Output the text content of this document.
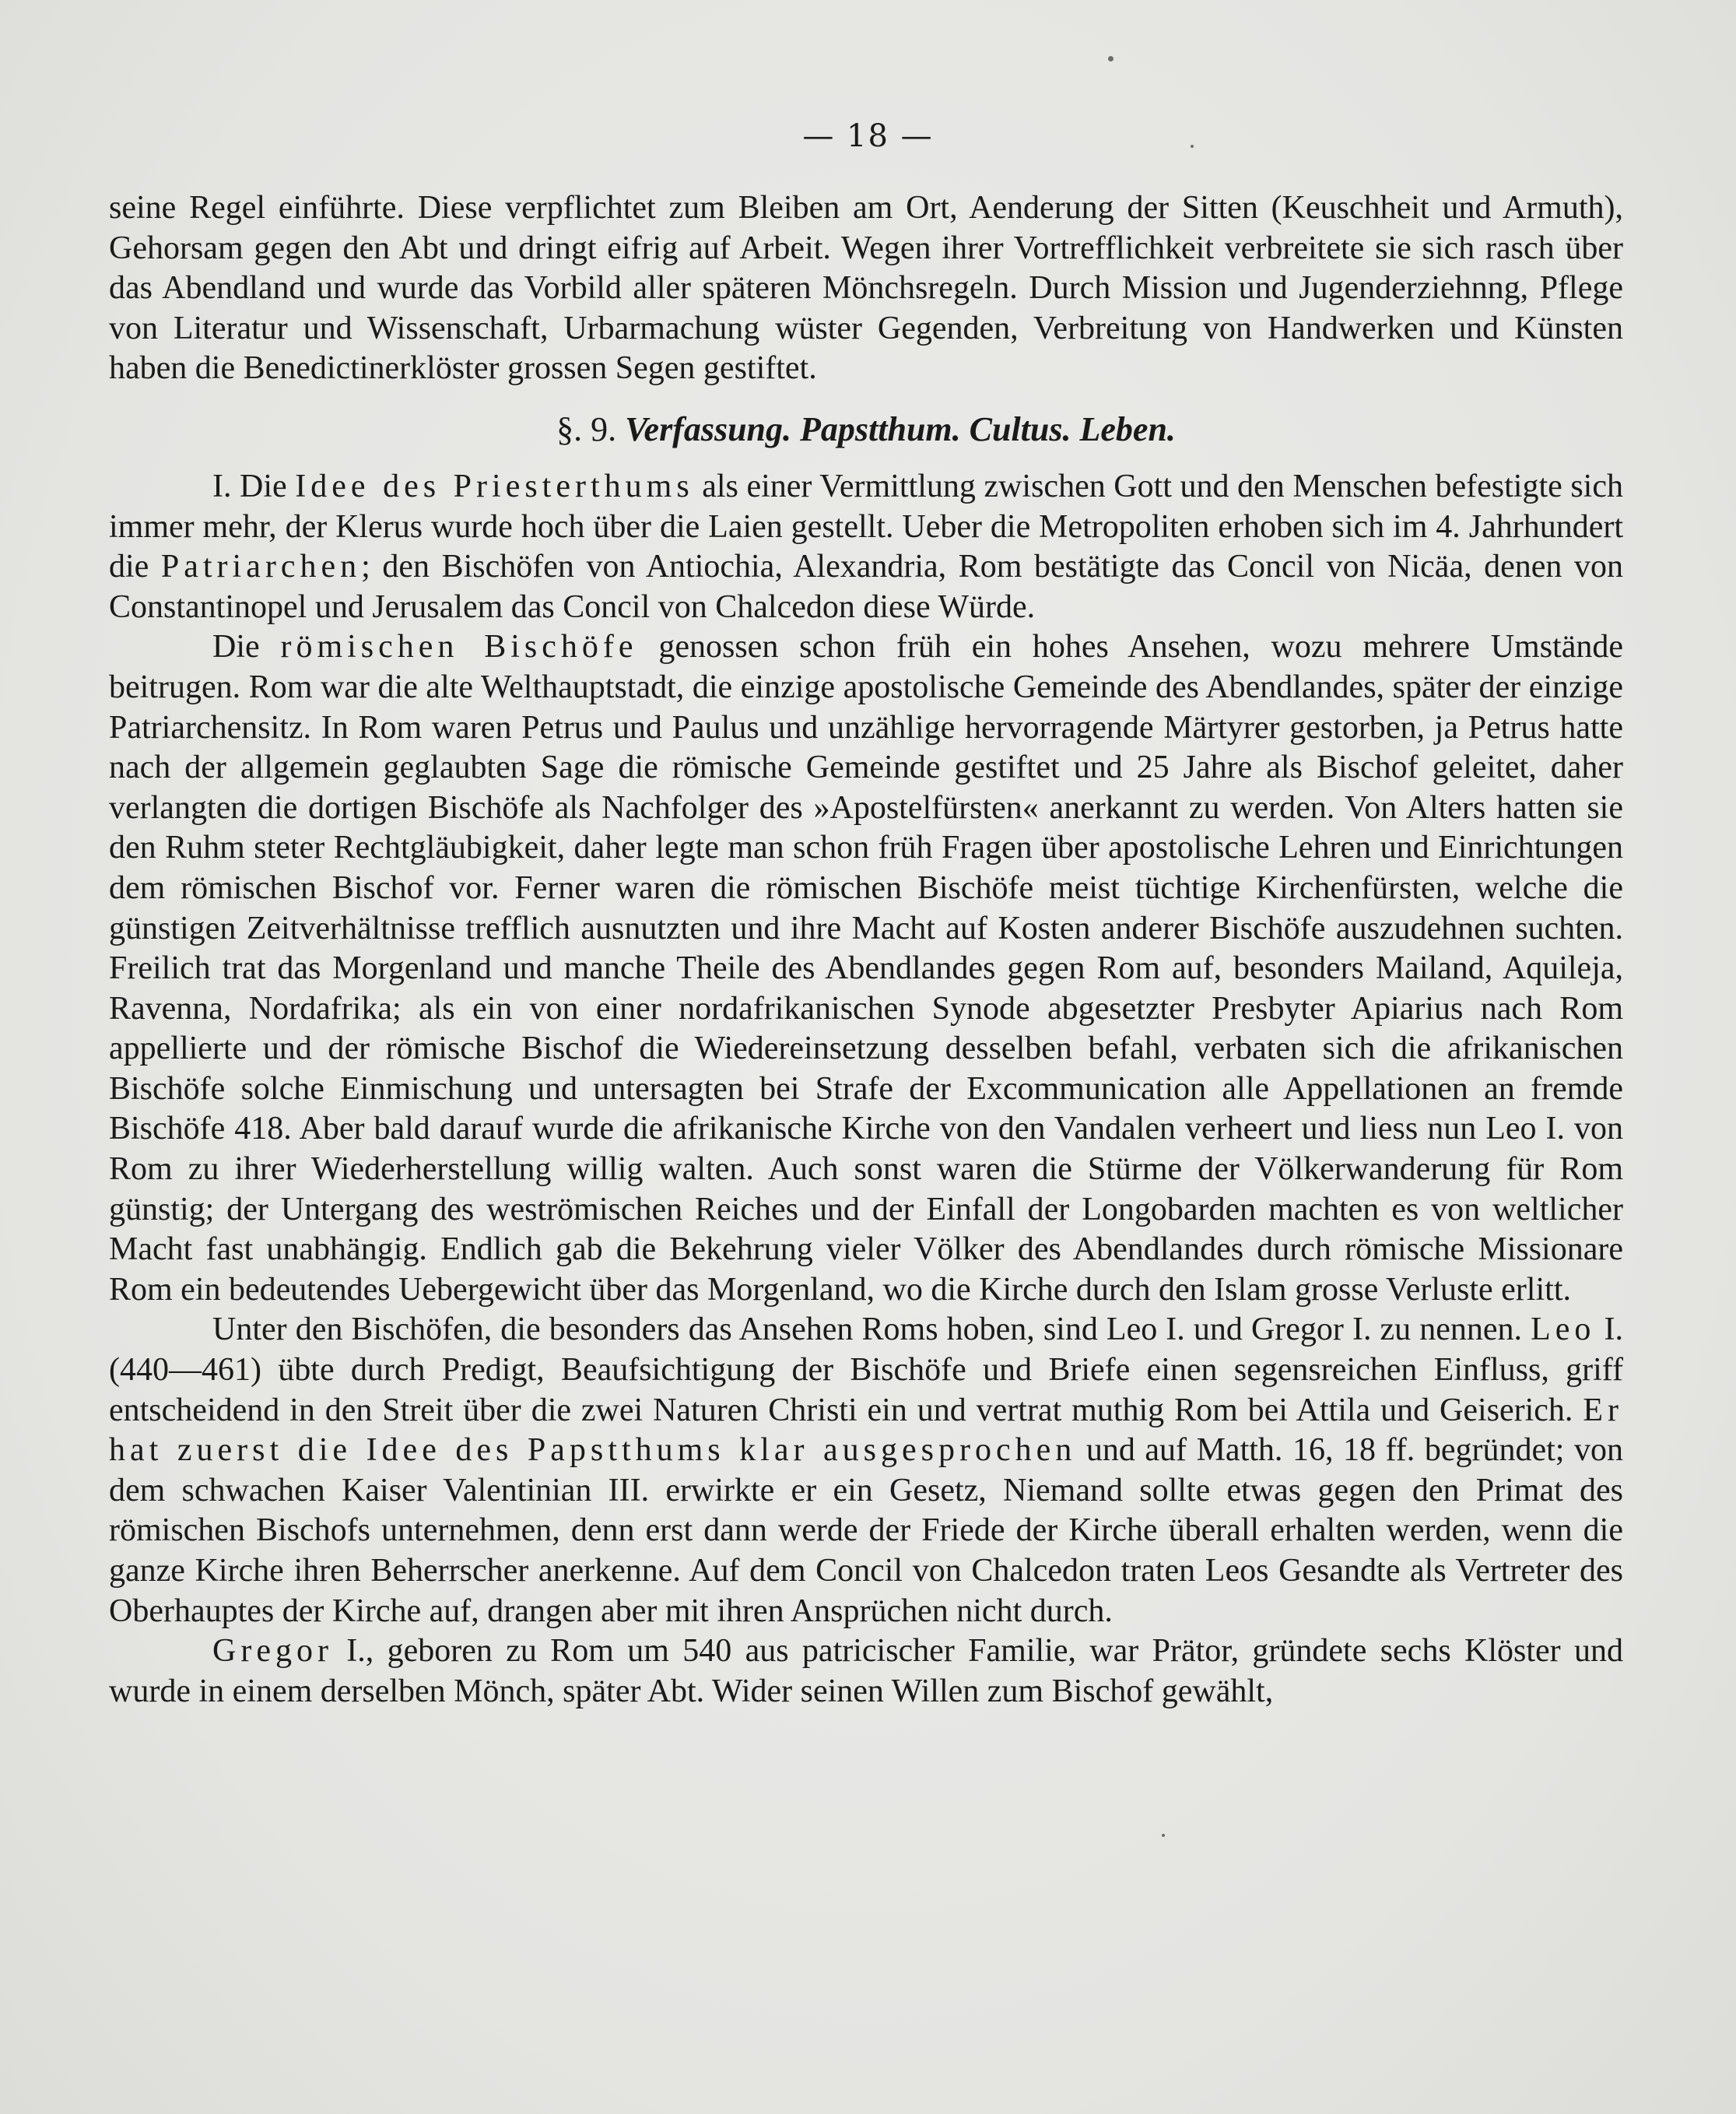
— 18 —

seine Regel einführte. Diese verpflichtet zum Bleiben am Ort, Aenderung der Sitten (Keuschheit und Armuth), Gehorsam gegen den Abt und dringt eifrig auf Arbeit. Wegen ihrer Vortrefflichkeit verbreitete sie sich rasch über das Abendland und wurde das Vorbild aller späteren Mönchsregeln. Durch Mission und Jugenderziehnng, Pflege von Literatur und Wissenschaft, Urbarmachung wüster Gegenden, Verbreitung von Handwerken und Künsten haben die Benedictinerklöster grossen Segen gestiftet.

§. 9. Verfassung. Papstthum. Cultus. Leben.

I. Die Idee des Priesterthums als einer Vermittlung zwischen Gott und den Menschen befestigte sich immer mehr, der Klerus wurde hoch über die Laien gestellt. Ueber die Metropoliten erhoben sich im 4. Jahrhundert die Patriarchen; den Bischöfen von Antiochia, Alexandria, Rom bestätigte das Concil von Nicäa, denen von Constantinopel und Jerusalem das Concil von Chalcedon diese Würde.

Die römischen Bischöfe genossen schon früh ein hohes Ansehen, wozu mehrere Umstände beitrugen. Rom war die alte Welthauptstadt, die einzige apostolische Gemeinde des Abendlandes, später der einzige Patriarchensitz. In Rom waren Petrus und Paulus und unzählige hervorragende Märtyrer gestorben, ja Petrus hatte nach der allgemein geglaubten Sage die römische Gemeinde gestiftet und 25 Jahre als Bischof geleitet, daher verlangten die dortigen Bischöfe als Nachfolger des »Apostelfürsten« anerkannt zu werden. Von Alters hatten sie den Ruhm steter Rechtgläubigkeit, daher legte man schon früh Fragen über apostolische Lehren und Einrichtungen dem römischen Bischof vor. Ferner waren die römischen Bischöfe meist tüchtige Kirchenfürsten, welche die günstigen Zeitverhältnisse trefflich ausnutzten und ihre Macht auf Kosten anderer Bischöfe auszudehnen suchten. Freilich trat das Morgenland und manche Theile des Abendlandes gegen Rom auf, besonders Mailand, Aquileja, Ravenna, Nordafrika; als ein von einer nordafrikanischen Synode abgesetzter Presbyter Apiarius nach Rom appellierte und der römische Bischof die Wiedereinsetzung desselben befahl, verbaten sich die afrikanischen Bischöfe solche Einmischung und untersagten bei Strafe der Excommunication alle Appellationen an fremde Bischöfe 418. Aber bald darauf wurde die afrikanische Kirche von den Vandalen verheert und liess nun Leo I. von Rom zu ihrer Wiederherstellung willig walten. Auch sonst waren die Stürme der Völkerwanderung für Rom günstig; der Untergang des weströmischen Reiches und der Einfall der Longobarden machten es von weltlicher Macht fast unabhängig. Endlich gab die Bekehrung vieler Völker des Abendlandes durch römische Missionare Rom ein bedeutendes Uebergewicht über das Morgenland, wo die Kirche durch den Islam grosse Verluste erlitt.

Unter den Bischöfen, die besonders das Ansehen Roms hoben, sind Leo I. und Gregor I. zu nennen. Leo I. (440—461) übte durch Predigt, Beaufsichtigung der Bischöfe und Briefe einen segensreichen Einfluss, griff entscheidend in den Streit über die zwei Naturen Christi ein und vertrat muthig Rom bei Attila und Geiserich. Er hat zuerst die Idee des Papstthums klar ausgesprochen und auf Matth. 16, 18 ff. begründet; von dem schwachen Kaiser Valentinian III. erwirkte er ein Gesetz, Niemand sollte etwas gegen den Primat des römischen Bischofs unternehmen, denn erst dann werde der Friede der Kirche überall erhalten werden, wenn die ganze Kirche ihren Beherrscher anerkenne. Auf dem Concil von Chalcedon traten Leos Gesandte als Vertreter des Oberhauptes der Kirche auf, drangen aber mit ihren Ansprüchen nicht durch.

Gregor I., geboren zu Rom um 540 aus patricischer Familie, war Prätor, gründete sechs Klöster und wurde in einem derselben Mönch, später Abt. Wider seinen Willen zum Bischof gewählt,
